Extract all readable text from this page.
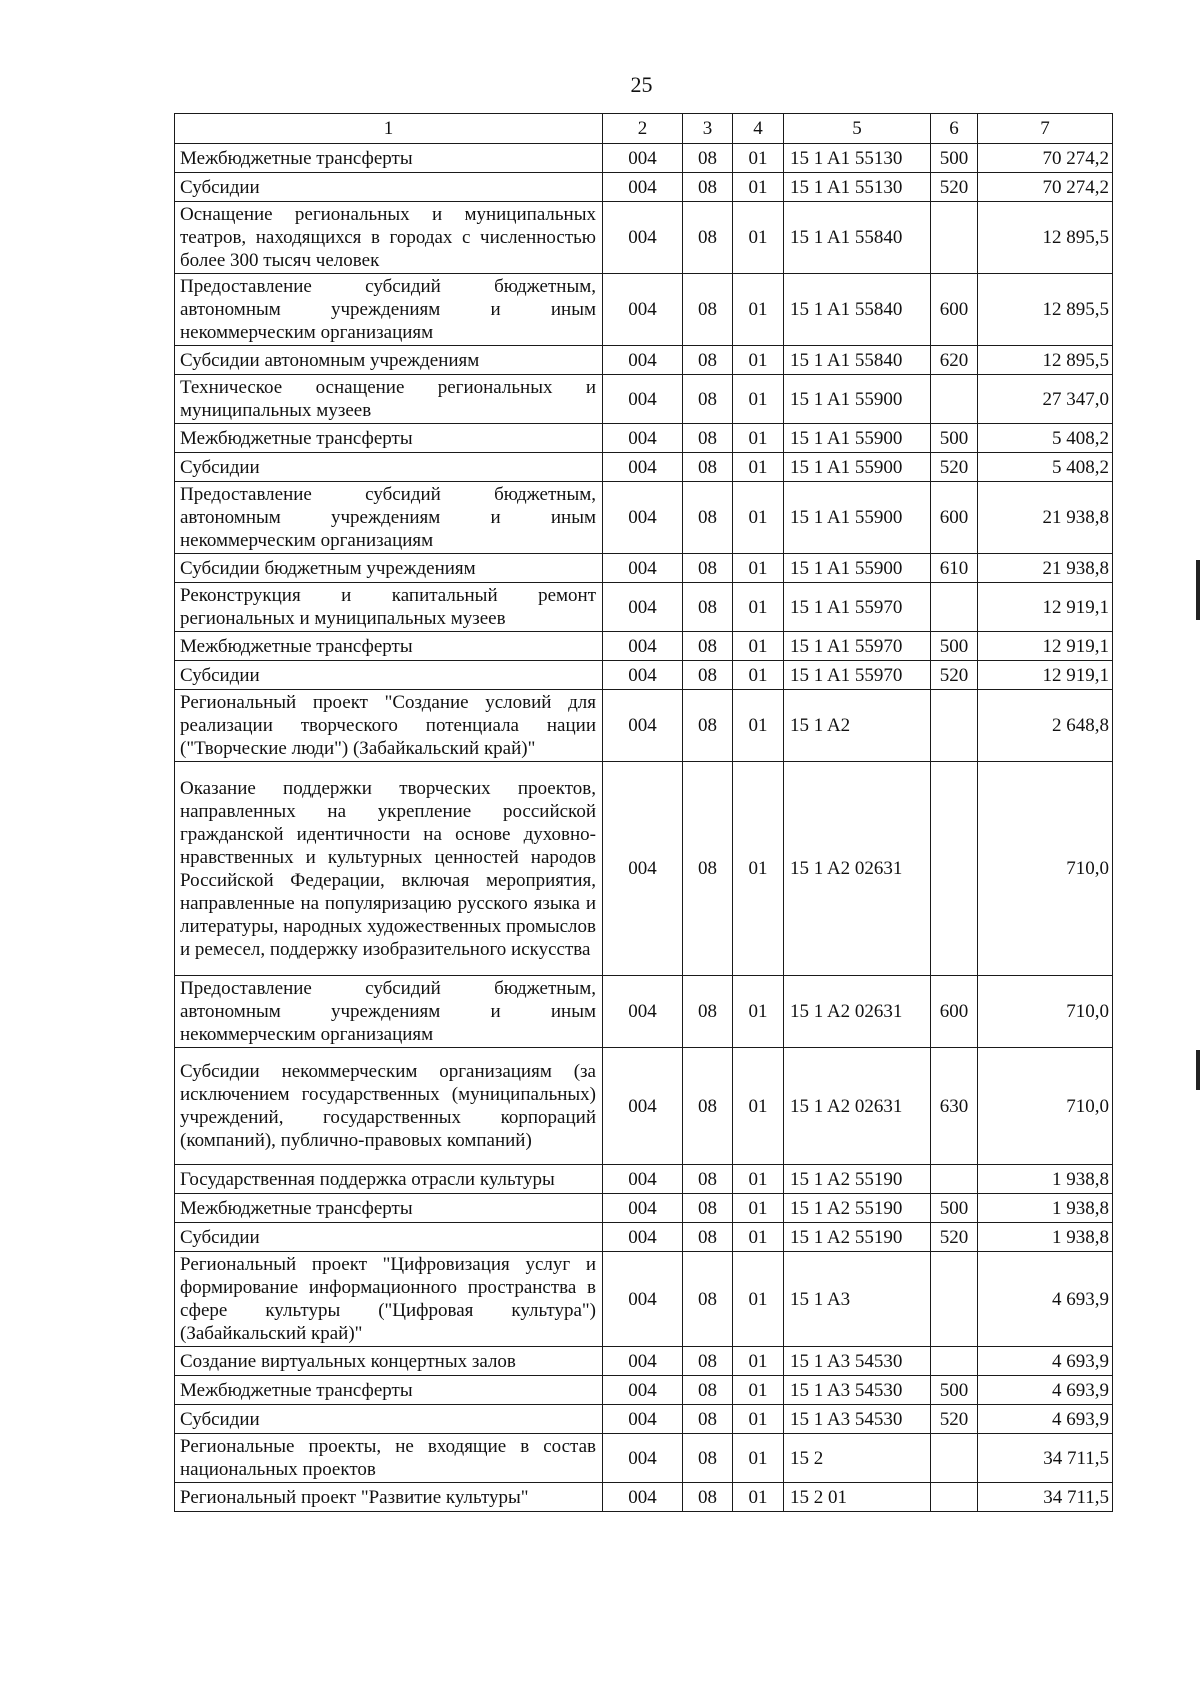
25
1	2	3	4	5	6	7
Межбюджетные трансферты	004	08	01	15 1 A1 55130	500	70 274,2
Субсидии	004	08	01	15 1 A1 55130	520	70 274,2
Оснащение региональных и муниципальных театров, находящихся в городах с численностью более 300 тысяч человек	004	08	01	15 1 A1 55840		12 895,5
Предоставление субсидий бюджетным, автономным учреждениям и иным некоммерческим организациям	004	08	01	15 1 A1 55840	600	12 895,5
Субсидии автономным учреждениям	004	08	01	15 1 A1 55840	620	12 895,5
Техническое оснащение региональных и муниципальных музеев	004	08	01	15 1 A1 55900		27 347,0
Межбюджетные трансферты	004	08	01	15 1 A1 55900	500	5 408,2
Субсидии	004	08	01	15 1 A1 55900	520	5 408,2
Предоставление субсидий бюджетным, автономным учреждениям и иным некоммерческим организациям	004	08	01	15 1 A1 55900	600	21 938,8
Субсидии бюджетным учреждениям	004	08	01	15 1 A1 55900	610	21 938,8
Реконструкция и капитальный ремонт региональных и муниципальных музеев	004	08	01	15 1 A1 55970		12 919,1
Межбюджетные трансферты	004	08	01	15 1 A1 55970	500	12 919,1
Субсидии	004	08	01	15 1 A1 55970	520	12 919,1
Региональный проект "Создание условий для реализации творческого потенциала нации ("Творческие люди") (Забайкальский край)"	004	08	01	15 1 A2		2 648,8
Оказание поддержки творческих проектов, направленных на укрепление российской гражданской идентичности на основе духовно-нравственных и культурных ценностей народов Российской Федерации, включая мероприятия, направленные на популяризацию русского языка и литературы, народных художественных промыслов и ремесел, поддержку изобразительного искусства	004	08	01	15 1 A2 02631		710,0
Предоставление субсидий бюджетным, автономным учреждениям и иным некоммерческим организациям	004	08	01	15 1 A2 02631	600	710,0
Субсидии некоммерческим организациям (за исключением государственных (муниципальных) учреждений, государственных корпораций (компаний), публично-правовых компаний)	004	08	01	15 1 A2 02631	630	710,0
Государственная поддержка отрасли культуры	004	08	01	15 1 A2 55190		1 938,8
Межбюджетные трансферты	004	08	01	15 1 A2 55190	500	1 938,8
Субсидии	004	08	01	15 1 A2 55190	520	1 938,8
Региональный проект "Цифровизация услуг и формирование информационного пространства в сфере культуры ("Цифровая культура") (Забайкальский край)"	004	08	01	15 1 A3		4 693,9
Создание виртуальных концертных залов	004	08	01	15 1 A3 54530		4 693,9
Межбюджетные трансферты	004	08	01	15 1 A3 54530	500	4 693,9
Субсидии	004	08	01	15 1 A3 54530	520	4 693,9
Региональные проекты, не входящие в состав национальных проектов	004	08	01	15 2		34 711,5
Региональный проект "Развитие культуры"	004	08	01	15 2 01		34 711,5
